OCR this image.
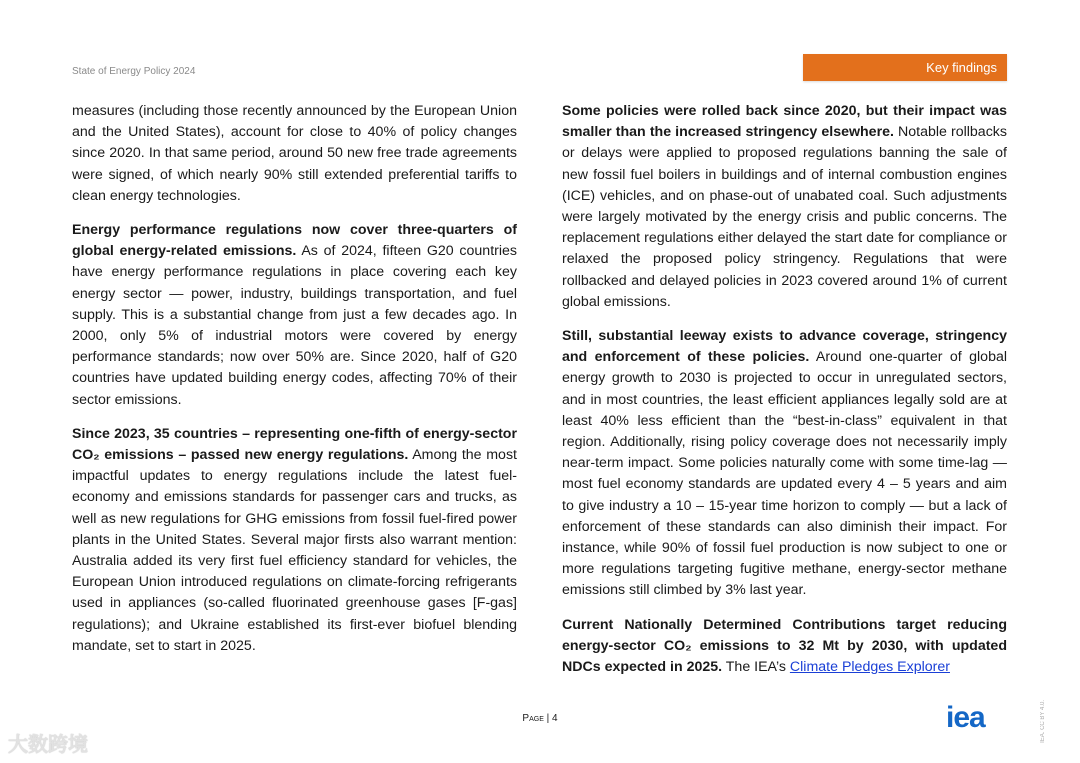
State of Energy Policy 2024	Key findings

measures (including those recently announced by the European Union and the United States), account for close to 40% of policy changes since 2020. In that same period, around 50 new free trade agreements were signed, of which nearly 90% still extended preferential tariffs to clean energy technologies.

Energy performance regulations now cover three-quarters of global energy-related emissions. As of 2024, fifteen G20 countries have energy performance regulations in place covering each key energy sector — power, industry, buildings transportation, and fuel supply. This is a substantial change from just a few decades ago. In 2000, only 5% of industrial motors were covered by energy performance standards; now over 50% are. Since 2020, half of G20 countries have updated building energy codes, affecting 70% of their sector emissions.

Since 2023, 35 countries – representing one-fifth of energy-sector CO₂ emissions – passed new energy regulations. Among the most impactful updates to energy regulations include the latest fuel-economy and emissions standards for passenger cars and trucks, as well as new regulations for GHG emissions from fossil fuel-fired power plants in the United States. Several major firsts also warrant mention: Australia added its very first fuel efficiency standard for vehicles, the European Union introduced regulations on climate-forcing refrigerants used in appliances (so-called fluorinated greenhouse gases [F-gas] regulations); and Ukraine established its first-ever biofuel blending mandate, set to start in 2025.

Some policies were rolled back since 2020, but their impact was smaller than the increased stringency elsewhere. Notable rollbacks or delays were applied to proposed regulations banning the sale of new fossil fuel boilers in buildings and of internal combustion engines (ICE) vehicles, and on phase-out of unabated coal. Such adjustments were largely motivated by the energy crisis and public concerns. The replacement regulations either delayed the start date for compliance or relaxed the proposed policy stringency. Regulations that were rollbacked and delayed policies in 2023 covered around 1% of current global emissions.

Still, substantial leeway exists to advance coverage, stringency and enforcement of these policies. Around one-quarter of global energy growth to 2030 is projected to occur in unregulated sectors, and in most countries, the least efficient appliances legally sold are at least 40% less efficient than the “best-in-class” equivalent in that region. Additionally, rising policy coverage does not necessarily imply near-term impact. Some policies naturally come with some time-lag — most fuel economy standards are updated every 4 – 5 years and aim to give industry a 10 – 15-year time horizon to comply — but a lack of enforcement of these standards can also diminish their impact. For instance, while 90% of fossil fuel production is now subject to one or more regulations targeting fugitive methane, energy-sector methane emissions still climbed by 3% last year.

Current Nationally Determined Contributions target reducing energy-sector CO₂ emissions to 32 Mt by 2030, with updated NDCs expected in 2025. The IEA’s Climate Pledges Explorer

Page | 4	iea	IEA. CC BY 4.0.
大数跨境
